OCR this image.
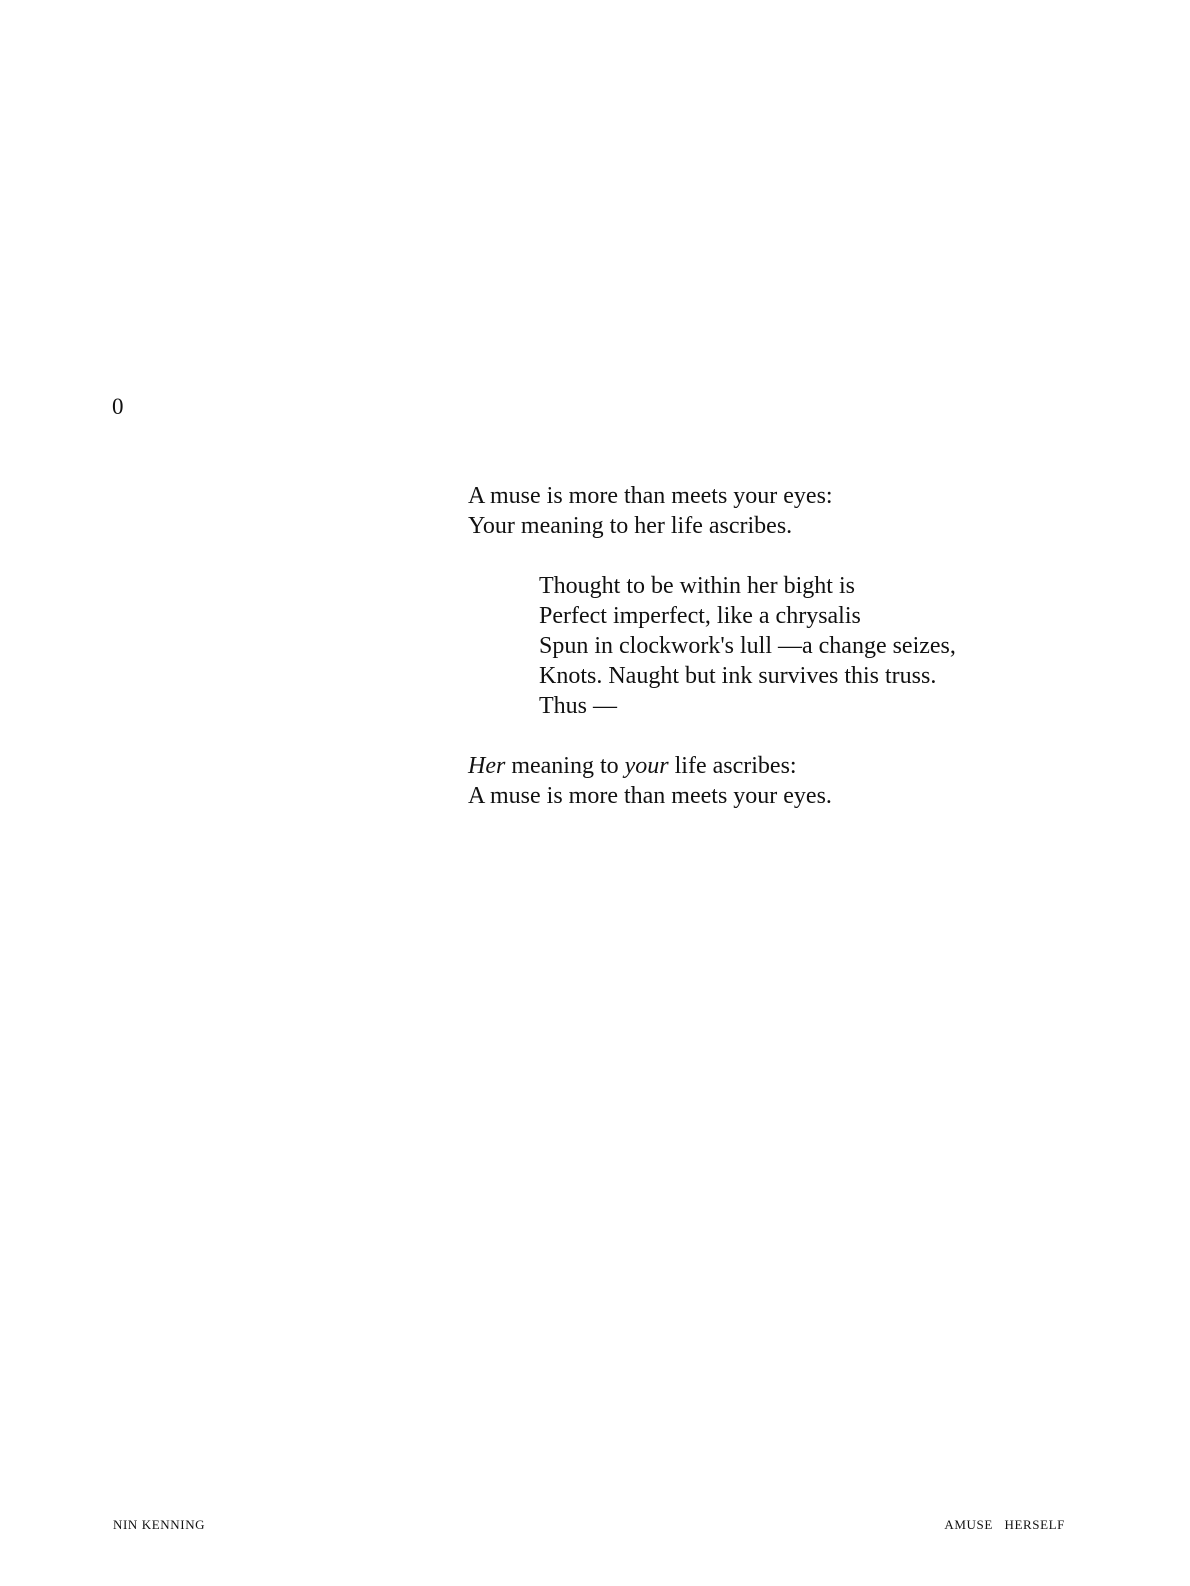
0

A muse is more than meets your eyes:
Your meaning to her life ascribes.

Thought to be within her bight is
Perfect imperfect, like a chrysalis
Spun in clockwork's lull —a change seizes,
Knots. Naught but ink survives this truss.
Thus —

Her meaning to your life ascribes:
A muse is more than meets your eyes.

NIN KENNING	AMUSE HERSELF
